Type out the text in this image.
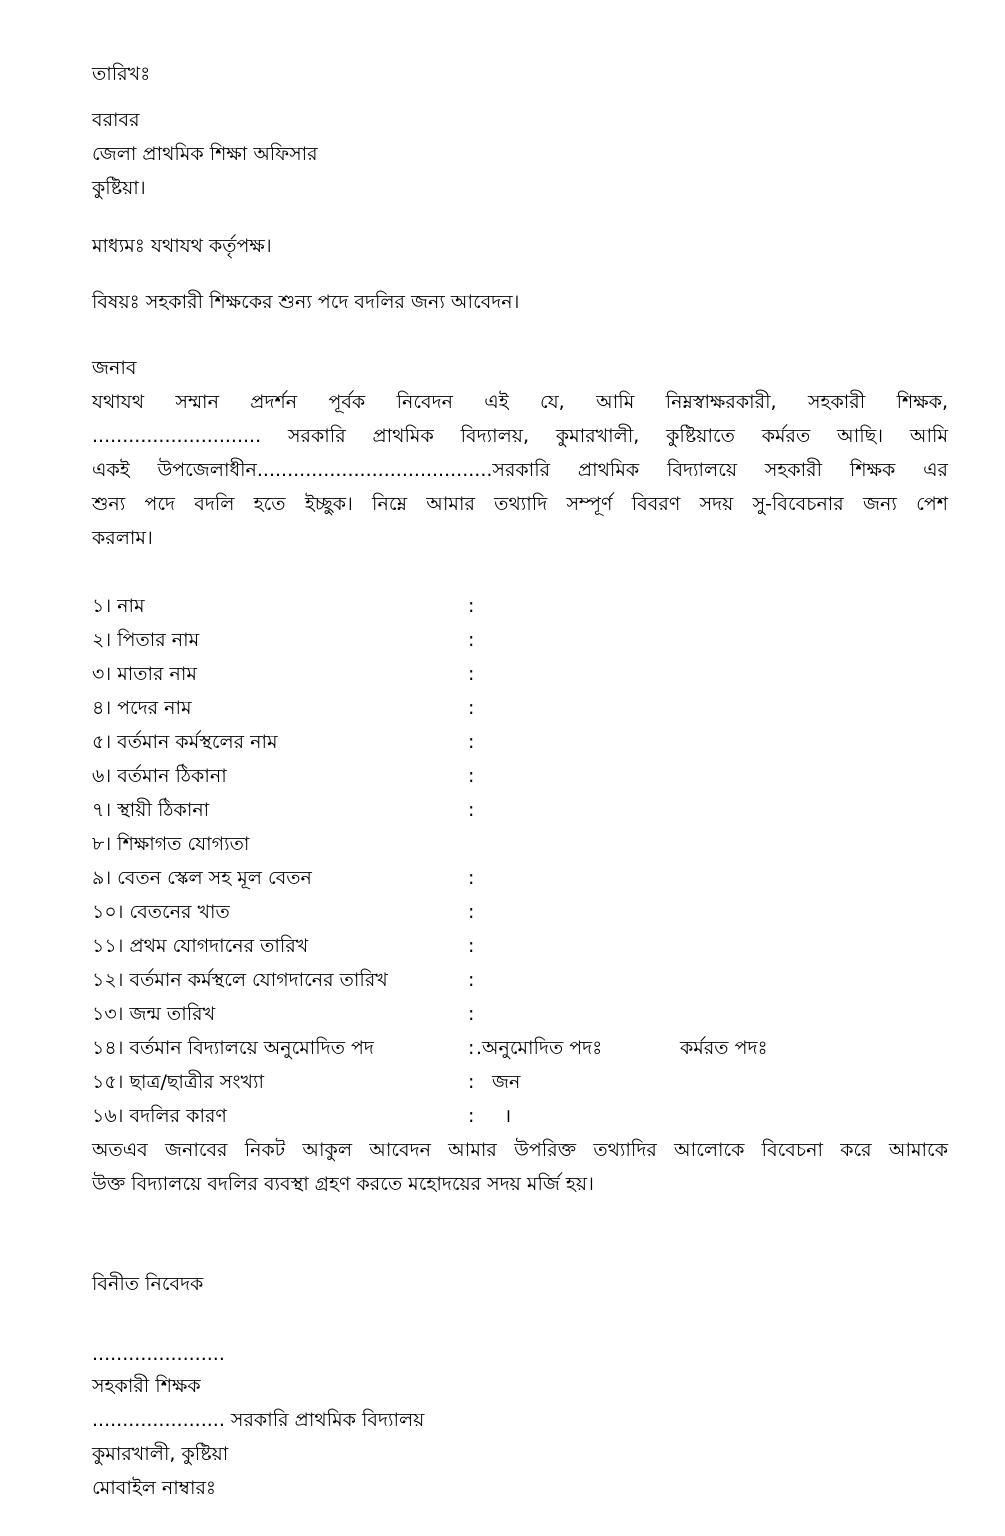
তারিখঃ
বরাবর
জেলা প্রাথমিক শিক্ষা অফিসার
কুষ্টিয়া।
মাধ্যমঃ যথাযথ কর্তৃপক্ষ।
বিষয়ঃ সহকারী শিক্ষকের শুন্য পদে বদলির জন্য আবেদন।
জনাব
যথাযথ সম্মান প্রদর্শন পূর্বক নিবেদন এই যে, আমি নিম্নস্বাক্ষরকারী, সহকারী শিক্ষক,
............................ সরকারি প্রাথমিক বিদ্যালয়, কুমারখালী, কুষ্টিয়াতে কর্মরত আছি। আমি
একই উপজেলাধীন.......................................সরকারি প্রাথমিক বিদ্যালয়ে সহকারী শিক্ষক এর
শুন্য পদে বদলি হতে ইচ্ছুক। নিম্নে আমার তথ্যাদি সম্পূর্ণ বিবরণ সদয় সু-বিবেচনার জন্য পেশ
করলাম।
১। নাম	:
২। পিতার নাম	:
৩। মাতার নাম	:
৪। পদের নাম	:
৫। বর্তমান কর্মস্থলের নাম	:
৬। বর্তমান ঠিকানা	:
৭। স্থায়ী ঠিকানা	:
৮। শিক্ষাগত যোগ্যতা
৯। বেতন স্কেল সহ মূল বেতন	:
১০। বেতনের খাত	:
১১। প্রথম যোগদানের তারিখ	:
১২। বর্তমান কর্মস্থলে যোগদানের তারিখ	:
১৩। জন্ম তারিখ	:
১৪। বর্তমান বিদ্যালয়ে অনুমোদিত পদ	: .অনুমোদিত পদঃ	কর্মরত পদঃ
১৫। ছাত্র/ছাত্রীর সংখ্যা	: জন
১৬। বদলির কারণ	: ।
অতএব জনাবের নিকট আকুল আবেদন আমার উপরিক্ত তথ্যাদির আলোকে বিবেচনা করে আমাকে
উক্ত বিদ্যালয়ে বদলির ব্যবস্থা গ্রহণ করতে মহোদয়ের সদয় মর্জি হয়।
বিনীত নিবেদক
......................
সহকারী শিক্ষক
...................... সরকারি প্রাথমিক বিদ্যালয়
কুমারখালী, কুষ্টিয়া
মোবাইল নাম্বারঃ
